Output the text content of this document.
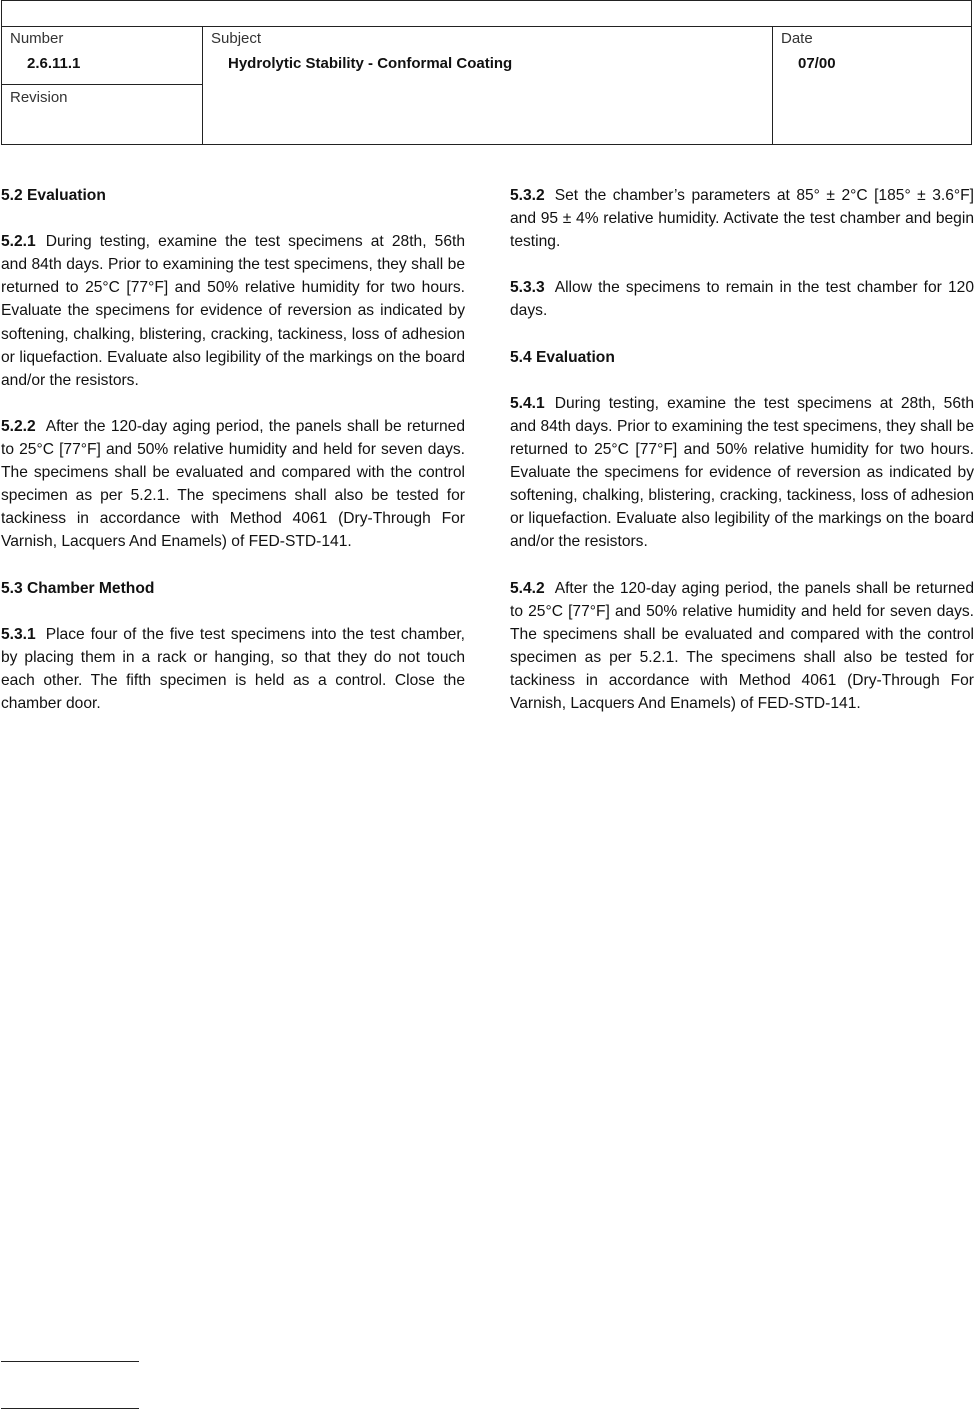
Number
2.6.11.1
Revision
Subject
Hydrolytic Stability - Conformal Coating
Date
07/00
5.2 Evaluation

5.2.1 During testing, examine the test specimens at 28th, 56th and 84th days. Prior to examining the test specimens, they shall be returned to 25°C [77°F] and 50% relative humidity for two hours. Evaluate the specimens for evidence of reversion as indicated by softening, chalking, blistering, cracking, tackiness, loss of adhesion or liquefaction. Evaluate also legibility of the markings on the board and/or the resistors.

5.2.2 After the 120-day aging period, the panels shall be returned to 25°C [77°F] and 50% relative humidity and held for seven days. The specimens shall be evaluated and compared with the control specimen as per 5.2.1. The specimens shall also be tested for tackiness in accordance with Method 4061 (Dry-Through For Varnish, Lacquers And Enamels) of FED-STD-141.

5.3 Chamber Method

5.3.1 Place four of the five test specimens into the test chamber, by placing them in a rack or hanging, so that they do not touch each other. The fifth specimen is held as a control. Close the chamber door.

5.3.2 Set the chamber’s parameters at 85° ± 2°C [185° ± 3.6°F] and 95 ± 4% relative humidity. Activate the test chamber and begin testing.

5.3.3 Allow the specimens to remain in the test chamber for 120 days.

5.4 Evaluation

5.4.1 During testing, examine the test specimens at 28th, 56th and 84th days. Prior to examining the test specimens, they shall be returned to 25°C [77°F] and 50% relative humidity for two hours. Evaluate the specimens for evidence of reversion as indicated by softening, chalking, blistering, cracking, tackiness, loss of adhesion or liquefaction. Evaluate also legibility of the markings on the board and/or the resistors.

5.4.2 After the 120-day aging period, the panels shall be returned to 25°C [77°F] and 50% relative humidity and held for seven days. The specimens shall be evaluated and compared with the control specimen as per 5.2.1. The specimens shall also be tested for tackiness in accordance with Method 4061 (Dry-Through For Varnish, Lacquers And Enamels) of FED-STD-141.
